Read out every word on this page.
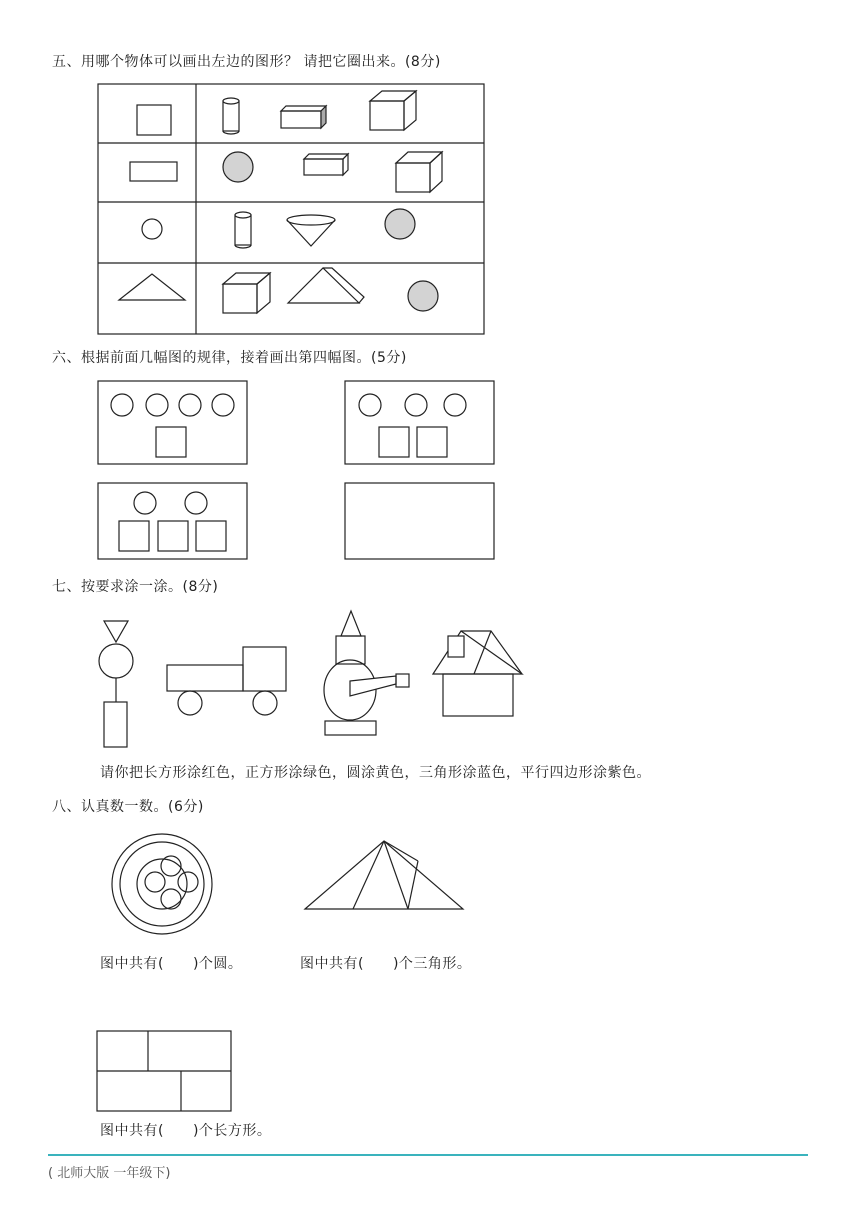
五、用哪个物体可以画出左边的图形？ 请把它圈出来。(8分)
六、根据前面几幅图的规律，接着画出第四幅图。(5分)
七、按要求涂一涂。(8分)
请你把长方形涂红色，正方形涂绿色，圆涂黄色，三角形涂蓝色，平行四边形涂紫色。
八、认真数一数。(6分)
图中共有(　　)个圆。	图中共有(　　)个三角形。
图中共有(　　)个长方形。
( 北师大版 一年级下)
